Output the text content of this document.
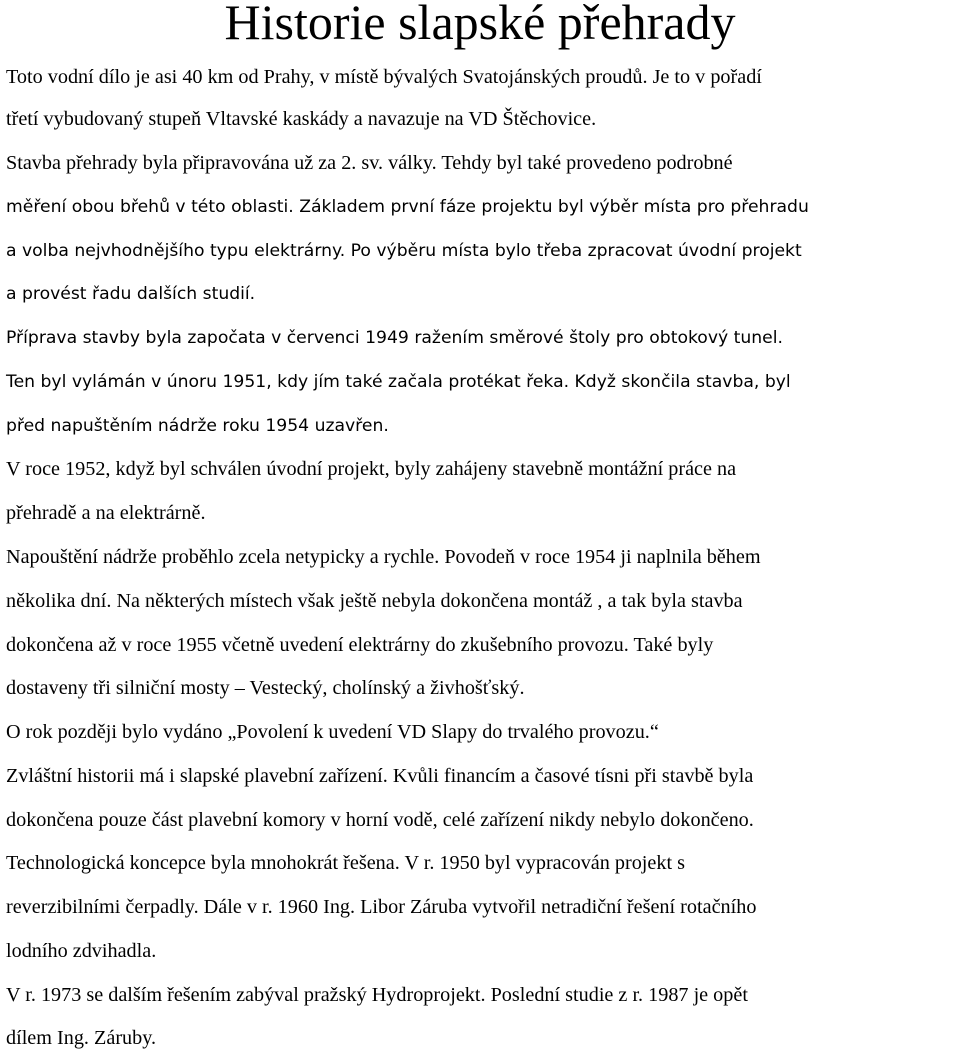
Historie slapské přehrady
Toto vodní dílo je asi 40 km od Prahy, v místě bývalých Svatojánských proudů. Je to v pořadí
třetí vybudovaný stupeň Vltavské kaskády a navazuje na VD Štěchovice.
Stavba přehrady byla připravována už za 2. sv. války. Tehdy byl také provedeno podrobné
měření obou břehů v této oblasti. Základem první fáze projektu byl výběr místa pro přehradu
a volba nejvhodnějšího typu elektrárny. Po výběru místa bylo třeba zpracovat úvodní projekt
a provést řadu dalších studií.
Příprava stavby byla započata v červenci 1949 ražením směrové štoly pro obtokový tunel.
Ten byl vylámán v únoru 1951, kdy jím také začala protékat řeka. Když skončila stavba, byl
před napuštěním nádrže roku 1954 uzavřen.
V roce 1952, když byl schválen úvodní projekt, byly zahájeny stavebně montážní práce na
přehradě a na elektrárně.
Napouštění nádrže proběhlo zcela netypicky a rychle. Povodeň v roce 1954 ji naplnila během
několika dní. Na některých místech však ještě nebyla dokončena montáž , a tak byla stavba
dokončena až v roce 1955 včetně uvedení elektrárny do zkušebního provozu. Také byly
dostaveny tři silniční mosty – Vestecký, cholínský a živhošťský.
O rok později bylo vydáno „Povolení k uvedení VD Slapy do trvalého provozu.“
Zvláštní historii má i slapské plavební zařízení. Kvůli financím a časové tísni při stavbě byla
dokončena pouze část plavební komory v horní vodě, celé zařízení nikdy nebylo dokončeno.
Technologická koncepce byla mnohokrát řešena. V r. 1950 byl vypracován projekt s
reverzibilními čerpadly. Dále v r. 1960 Ing. Libor Záruba vytvořil netradiční řešení rotačního
lodního zdvihadla.
V r. 1973 se dalším řešením zabýval pražský Hydroprojekt. Poslední studie z r. 1987 je opět
dílem Ing. Záruby.
